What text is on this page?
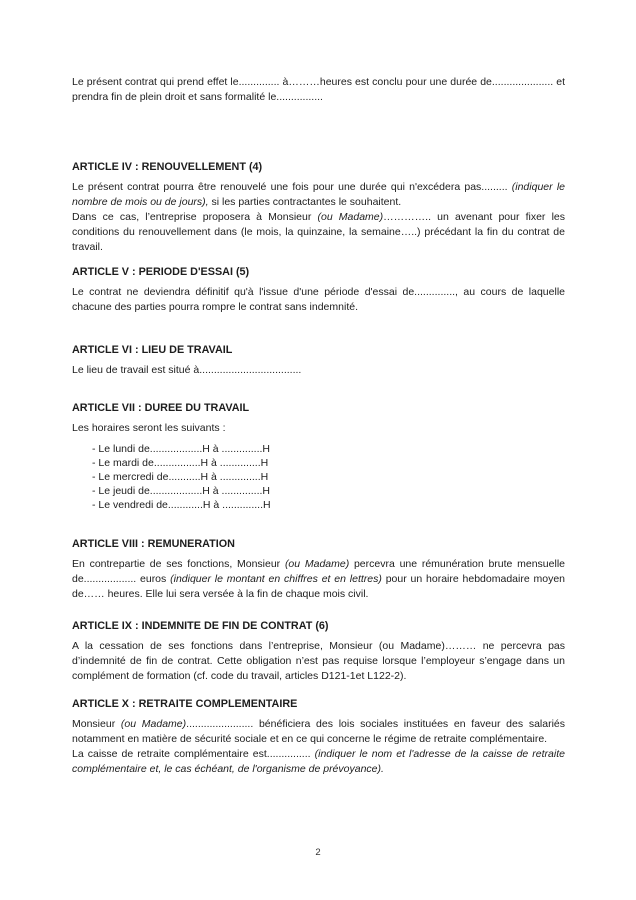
Le présent contrat qui prend effet le.............. à………heures est conclu pour une durée de..................... et prendra fin de plein droit et sans formalité le................

ARTICLE IV : RENOUVELLEMENT (4)

Le présent contrat pourra être renouvelé une fois pour une durée qui n'excédera pas......... (indiquer le nombre de mois ou de jours), si les parties contractantes le souhaitent.
Dans ce cas, l’entreprise proposera à Monsieur (ou Madame)………….. un avenant pour fixer les conditions du renouvellement dans (le mois, la quinzaine, la semaine…..) précédant la fin du contrat de travail.

ARTICLE V : PERIODE D'ESSAI (5)

Le contrat ne deviendra définitif qu'à l'issue d'une période d'essai de.............., au cours de laquelle chacune des parties pourra rompre le contrat sans indemnité.

ARTICLE VI : LIEU DE TRAVAIL

Le lieu de travail est situé à...................................

ARTICLE VII : DUREE DU TRAVAIL

Les horaires seront les suivants :

- Le lundi de..................H à ..............H
- Le mardi de................H à ..............H
- Le mercredi de...........H à ..............H
- Le jeudi de..................H à ..............H
- Le vendredi de............H à ..............H
ARTICLE VIII : REMUNERATION

En contrepartie de ses fonctions, Monsieur (ou Madame) percevra une rémunération brute mensuelle de.................. euros (indiquer le montant en chiffres et en lettres) pour un horaire hebdomadaire moyen de…… heures. Elle lui sera versée à la fin de chaque mois civil.

ARTICLE IX : INDEMNITE DE FIN DE CONTRAT (6)

A la cessation de ses fonctions dans l’entreprise, Monsieur (ou Madame)……… ne percevra pas d’indemnité de fin de contrat. Cette obligation n’est pas requise lorsque l’employeur s’engage dans un complément de formation (cf. code du travail, articles D121-1et L122-2).

ARTICLE X : RETRAITE COMPLEMENTAIRE

Monsieur (ou Madame)....................... bénéficiera des lois sociales instituées en faveur des salariés notamment en matière de sécurité sociale et en ce qui concerne le régime de retraite complémentaire.
La caisse de retraite complémentaire est............... (indiquer le nom et l'adresse de la caisse de retraite complémentaire et, le cas échéant, de l'organisme de prévoyance).

2
